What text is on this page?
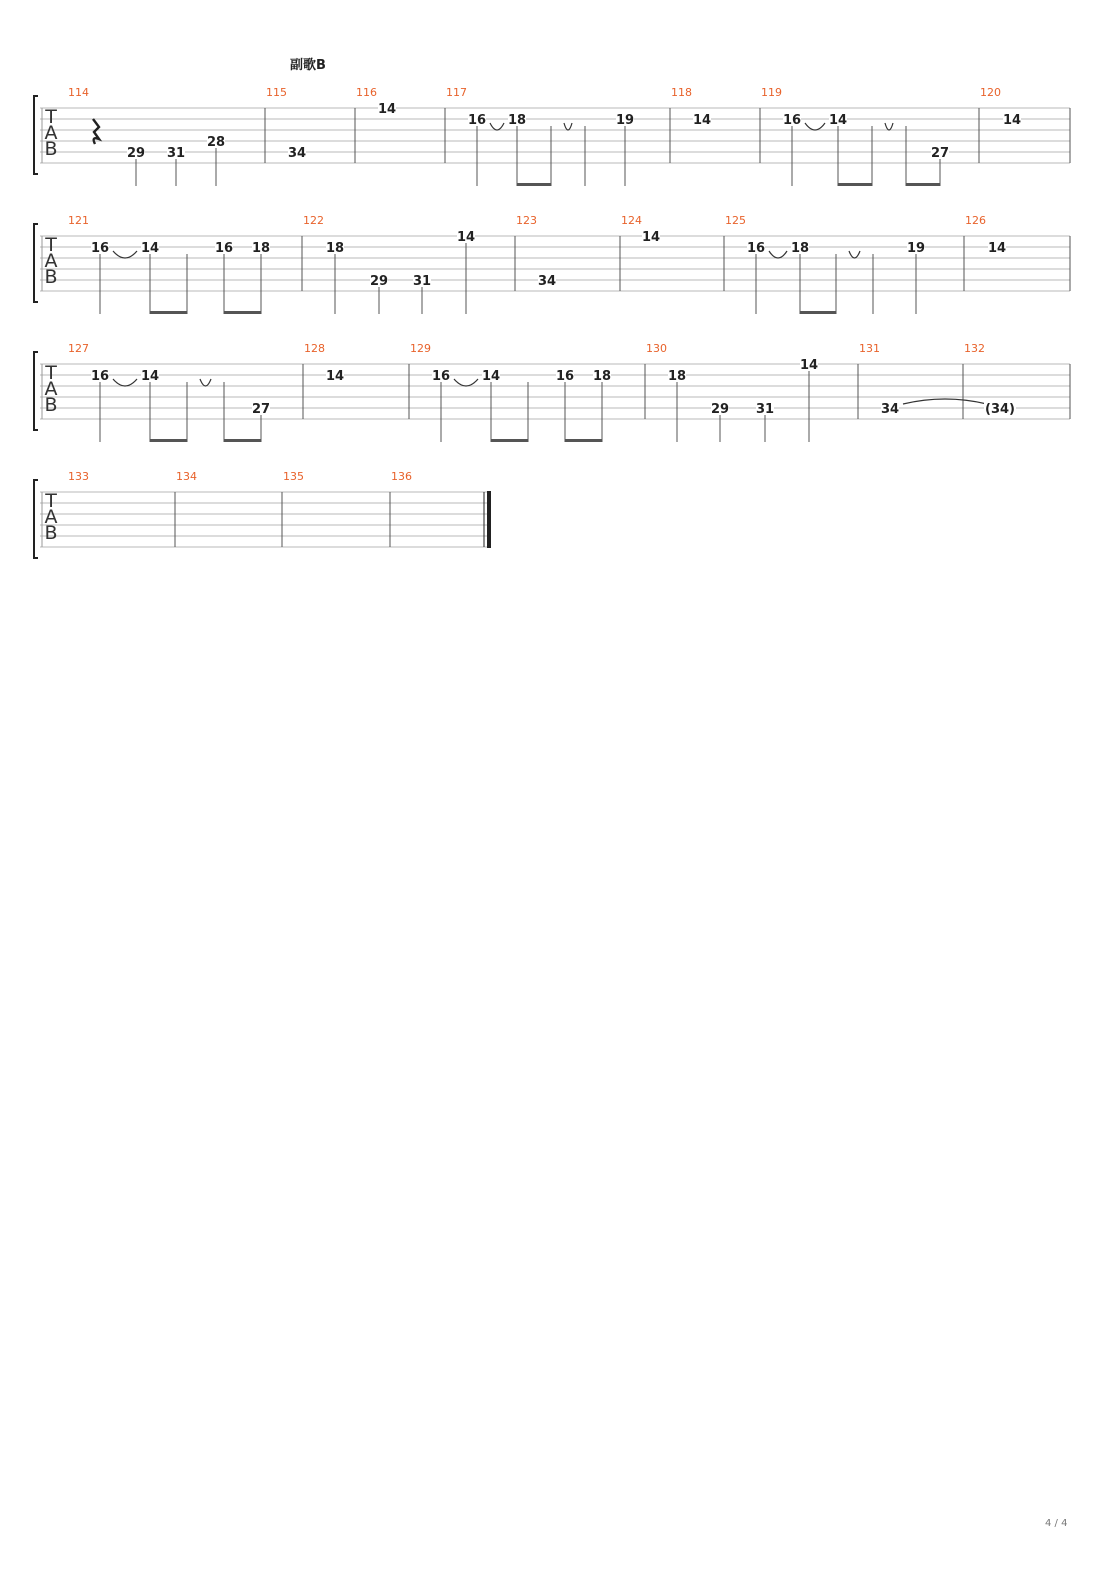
T
A
B
114
29 31
28
115
34
116
14
117
16 18	19
118
14
119
16 14
27
120
14
T
A
B
121
16 14	16 18
122
18
29 31
14
123
34
124
14
125
16 18	19
126
14
T
A
B
127
16 14
27
128
14
129
16 14	16 18
130
18
29 31
14
131
34
132
(34)
T
A
B
133	134	135	136
副歌B
4 / 4
